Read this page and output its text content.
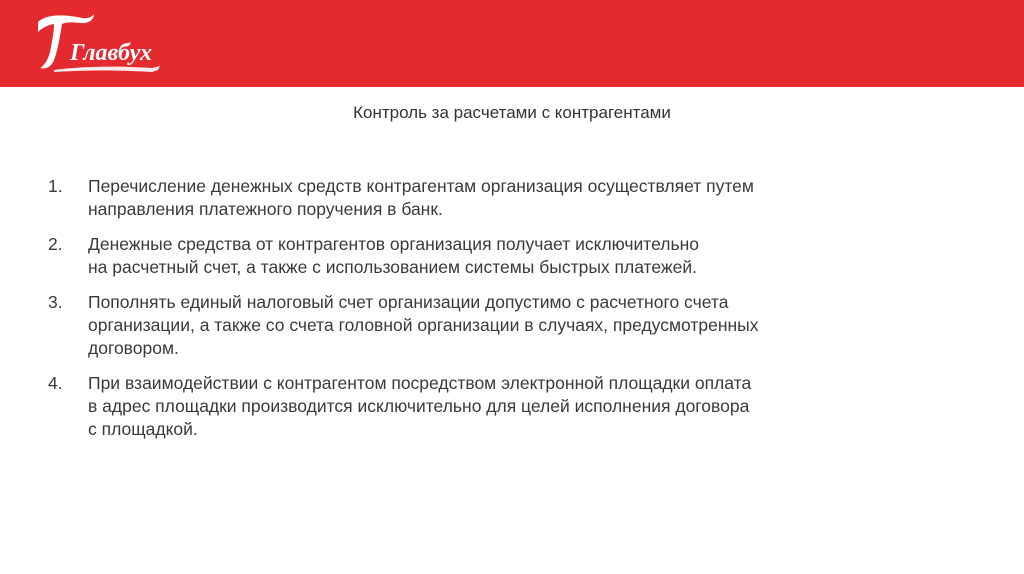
Главбух
Контроль за расчетами с контрагентами
1. Перечисление денежных средств контрагентам организация осуществляет путем
направления платежного поручения в банк.
2. Денежные средства от контрагентов организация получает исключительно
на расчетный счет, а также с использованием системы быстрых платежей.
3. Пополнять единый налоговый счет организации допустимо с расчетного счета
организации, а также со счета головной организации в случаях, предусмотренных
договором.
4. При взаимодействии с контрагентом посредством электронной площадки оплата
в адрес площадки производится исключительно для целей исполнения договора
с площадкой.
